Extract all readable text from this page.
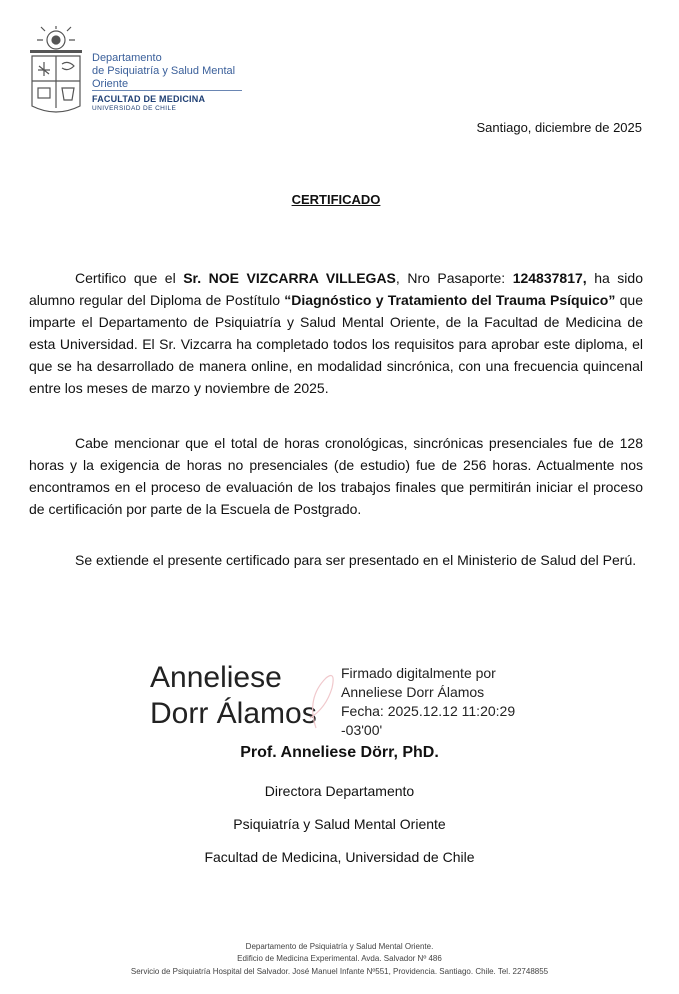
Departamento
de Psiquiatría y Salud Mental Oriente
FACULTAD DE MEDICINA
UNIVERSIDAD DE CHILE
Santiago, diciembre de 2025
CERTIFICADO

Certifico que el Sr. NOE VIZCARRA VILLEGAS, Nro Pasaporte: 124837817, ha sido alumno regular del Diploma de Postítulo “Diagnóstico y Tratamiento del Trauma Psíquico” que imparte el Departamento de Psiquiatría y Salud Mental Oriente, de la Facultad de Medicina de esta Universidad. El Sr. Vizcarra ha completado todos los requisitos para aprobar este diploma, el que se ha desarrollado de manera online, en modalidad sincrónica, con una frecuencia quincenal entre los meses de marzo y noviembre de 2025.

Cabe mencionar que el total de horas cronológicas, sincrónicas presenciales fue de 128 horas y la exigencia de horas no presenciales (de estudio) fue de 256 horas. Actualmente nos encontramos en el proceso de evaluación de los trabajos finales que permitirán iniciar el proceso de certificación por parte de la Escuela de Postgrado.

Se extiende el presente certificado para ser presentado en el Ministerio de Salud del Perú.

Anneliese
Dorr Álamos
Firmado digitalmente por
Anneliese Dorr Álamos
Fecha: 2025.12.12 11:20:29
-03'00'
Prof. Anneliese Dörr, PhD.
Directora Departamento
Psiquiatría y Salud Mental Oriente
Facultad de Medicina, Universidad de Chile
Departamento de Psiquiatría y Salud Mental Oriente.
Edificio de Medicina Experimental. Avda. Salvador Nº 486
Servicio de Psiquiatría Hospital del Salvador. José Manuel Infante Nº551, Providencia. Santiago. Chile. Tel. 22748855
